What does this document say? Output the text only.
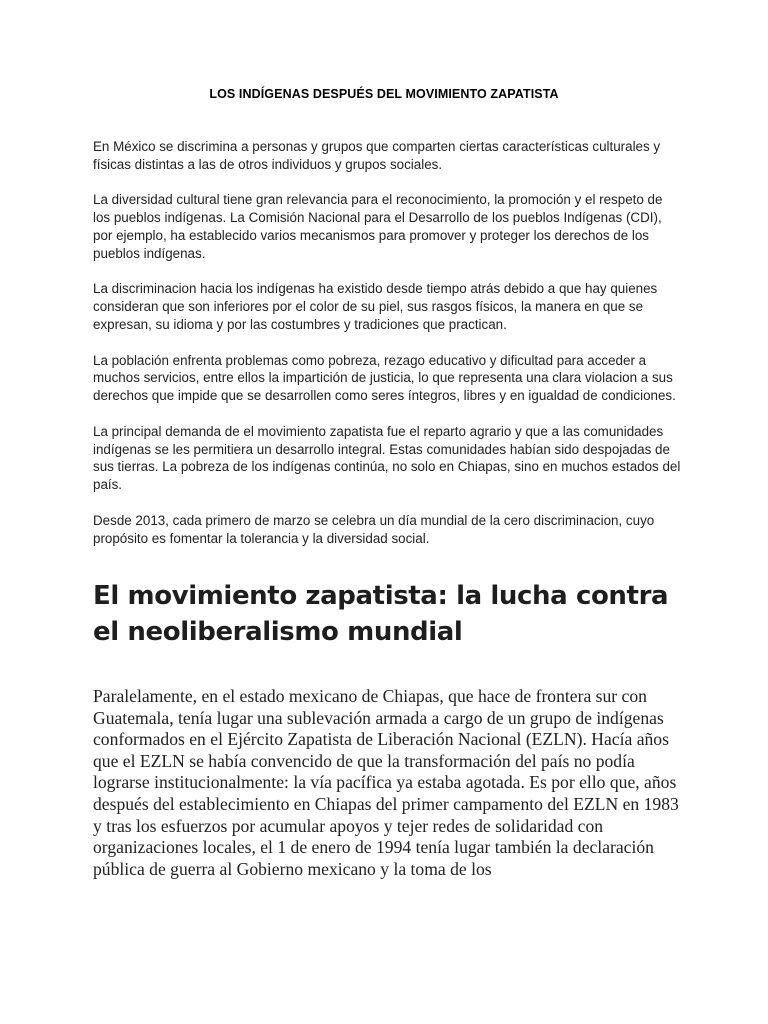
LOS INDÍGENAS DESPUÉS DEL MOVIMIENTO ZAPATISTA

En México se discrimina a personas y grupos que comparten ciertas características culturales y físicas distintas a las de otros individuos y grupos sociales.

La diversidad cultural tiene gran relevancia para el reconocimiento, la promoción y el respeto de los pueblos indígenas. La Comisión Nacional para el Desarrollo de los pueblos Indígenas (CDI), por ejemplo, ha establecido varios mecanismos para promover y proteger los derechos de los pueblos indígenas.

La discriminacion hacia los indígenas ha existido desde tiempo atrás debido a que hay quienes consideran que son inferiores por el color de su piel, sus rasgos físicos, la manera en que se expresan, su idioma y por las costumbres y tradiciones que practican.

La población enfrenta problemas como pobreza, rezago educativo y dificultad para acceder a muchos servicios, entre ellos la impartición de justicia, lo que representa una clara violacion a sus derechos que impide que se desarrollen como seres íntegros, libres y en igualdad de condiciones.

La principal demanda de el movimiento zapatista fue el reparto agrario y que a las comunidades indígenas se les permitiera un desarrollo integral. Estas comunidades habían sido despojadas de sus tierras. La pobreza de los indígenas continúa, no solo en Chiapas, sino en muchos estados del país.

Desde 2013, cada primero de marzo se celebra un día mundial de la cero discriminacion, cuyo propósito es fomentar la tolerancia y la diversidad social.

El movimiento zapatista: la lucha contra el neoliberalismo mundial

Paralelamente, en el estado mexicano de Chiapas, que hace de frontera sur con Guatemala, tenía lugar una sublevación armada a cargo de un grupo de indígenas conformados en el Ejército Zapatista de Liberación Nacional (EZLN). Hacía años que el EZLN se había convencido de que la transformación del país no podía lograrse institucionalmente: la vía pacífica ya estaba agotada. Es por ello que, años después del establecimiento en Chiapas del primer campamento del EZLN en 1983 y tras los esfuerzos por acumular apoyos y tejer redes de solidaridad con organizaciones locales, el 1 de enero de 1994 tenía lugar también la declaración pública de guerra al Gobierno mexicano y la toma de los
